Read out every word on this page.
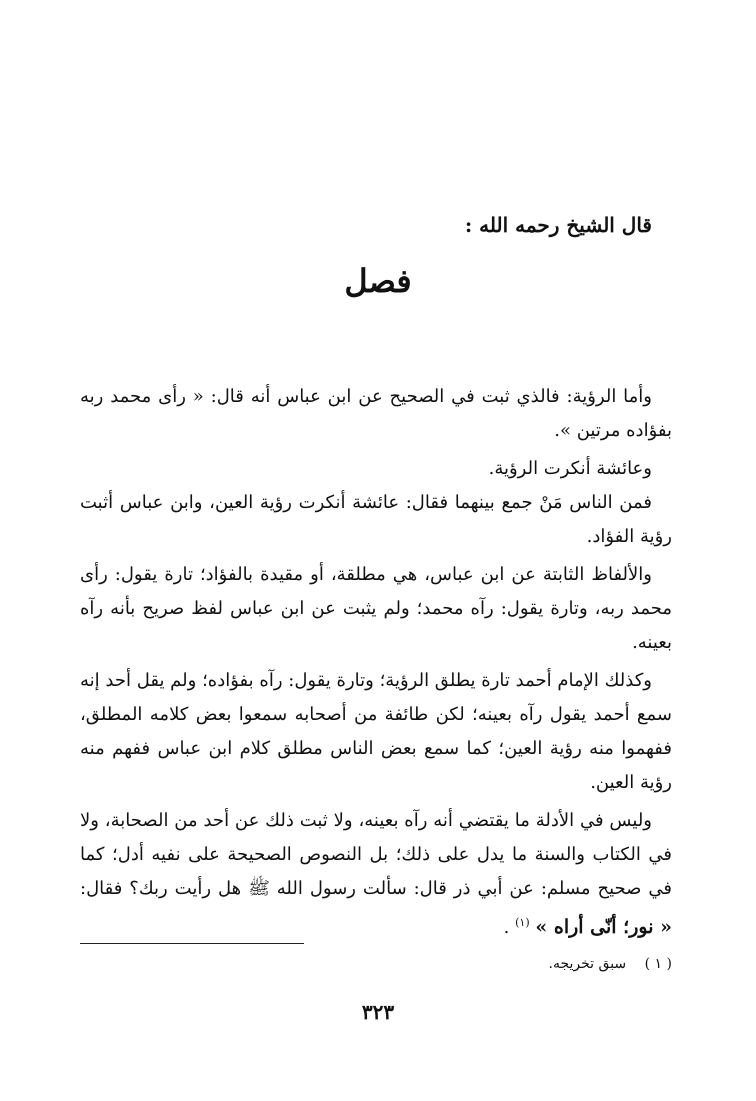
قال الشيخ رحمه الله :
فصل

وأما الرؤية: فالذي ثبت في الصحيح عن ابن عباس أنه قال: « رأى محمد ربه بفؤاده مرتين ».

وعائشة أنكرت الرؤية.

فمن الناس مَنْ جمع بينهما فقال: عائشة أنكرت رؤية العين، وابن عباس أثبت رؤية الفؤاد.

والألفاظ الثابتة عن ابن عباس، هي مطلقة، أو مقيدة بالفؤاد؛ تارة يقول: رأى محمد ربه، وتارة يقول: رآه محمد؛ ولم يثبت عن ابن عباس لفظ صريح بأنه رآه بعينه.

وكذلك الإمام أحمد تارة يطلق الرؤية؛ وتارة يقول: رآه بفؤاده؛ ولم يقل أحد إنه سمع أحمد يقول رآه بعينه؛ لكن طائفة من أصحابه سمعوا بعض كلامه المطلق، ففهموا منه رؤية العين؛ كما سمع بعض الناس مطلق كلام ابن عباس ففهم منه رؤية العين.

وليس في الأدلة ما يقتضي أنه رآه بعينه، ولا ثبت ذلك عن أحد من الصحابة، ولا في الكتاب والسنة ما يدل على ذلك؛ بل النصوص الصحيحة على نفيه أدل؛ كما في صحيح مسلم: عن أبي ذر قال: سألت رسول الله ﷺ هل رأيت ربك؟ فقال: « نور؛ أنّى أراه » $^{(١)}$ .

( ١ ) سبق تخريجه.
٣٢٣
